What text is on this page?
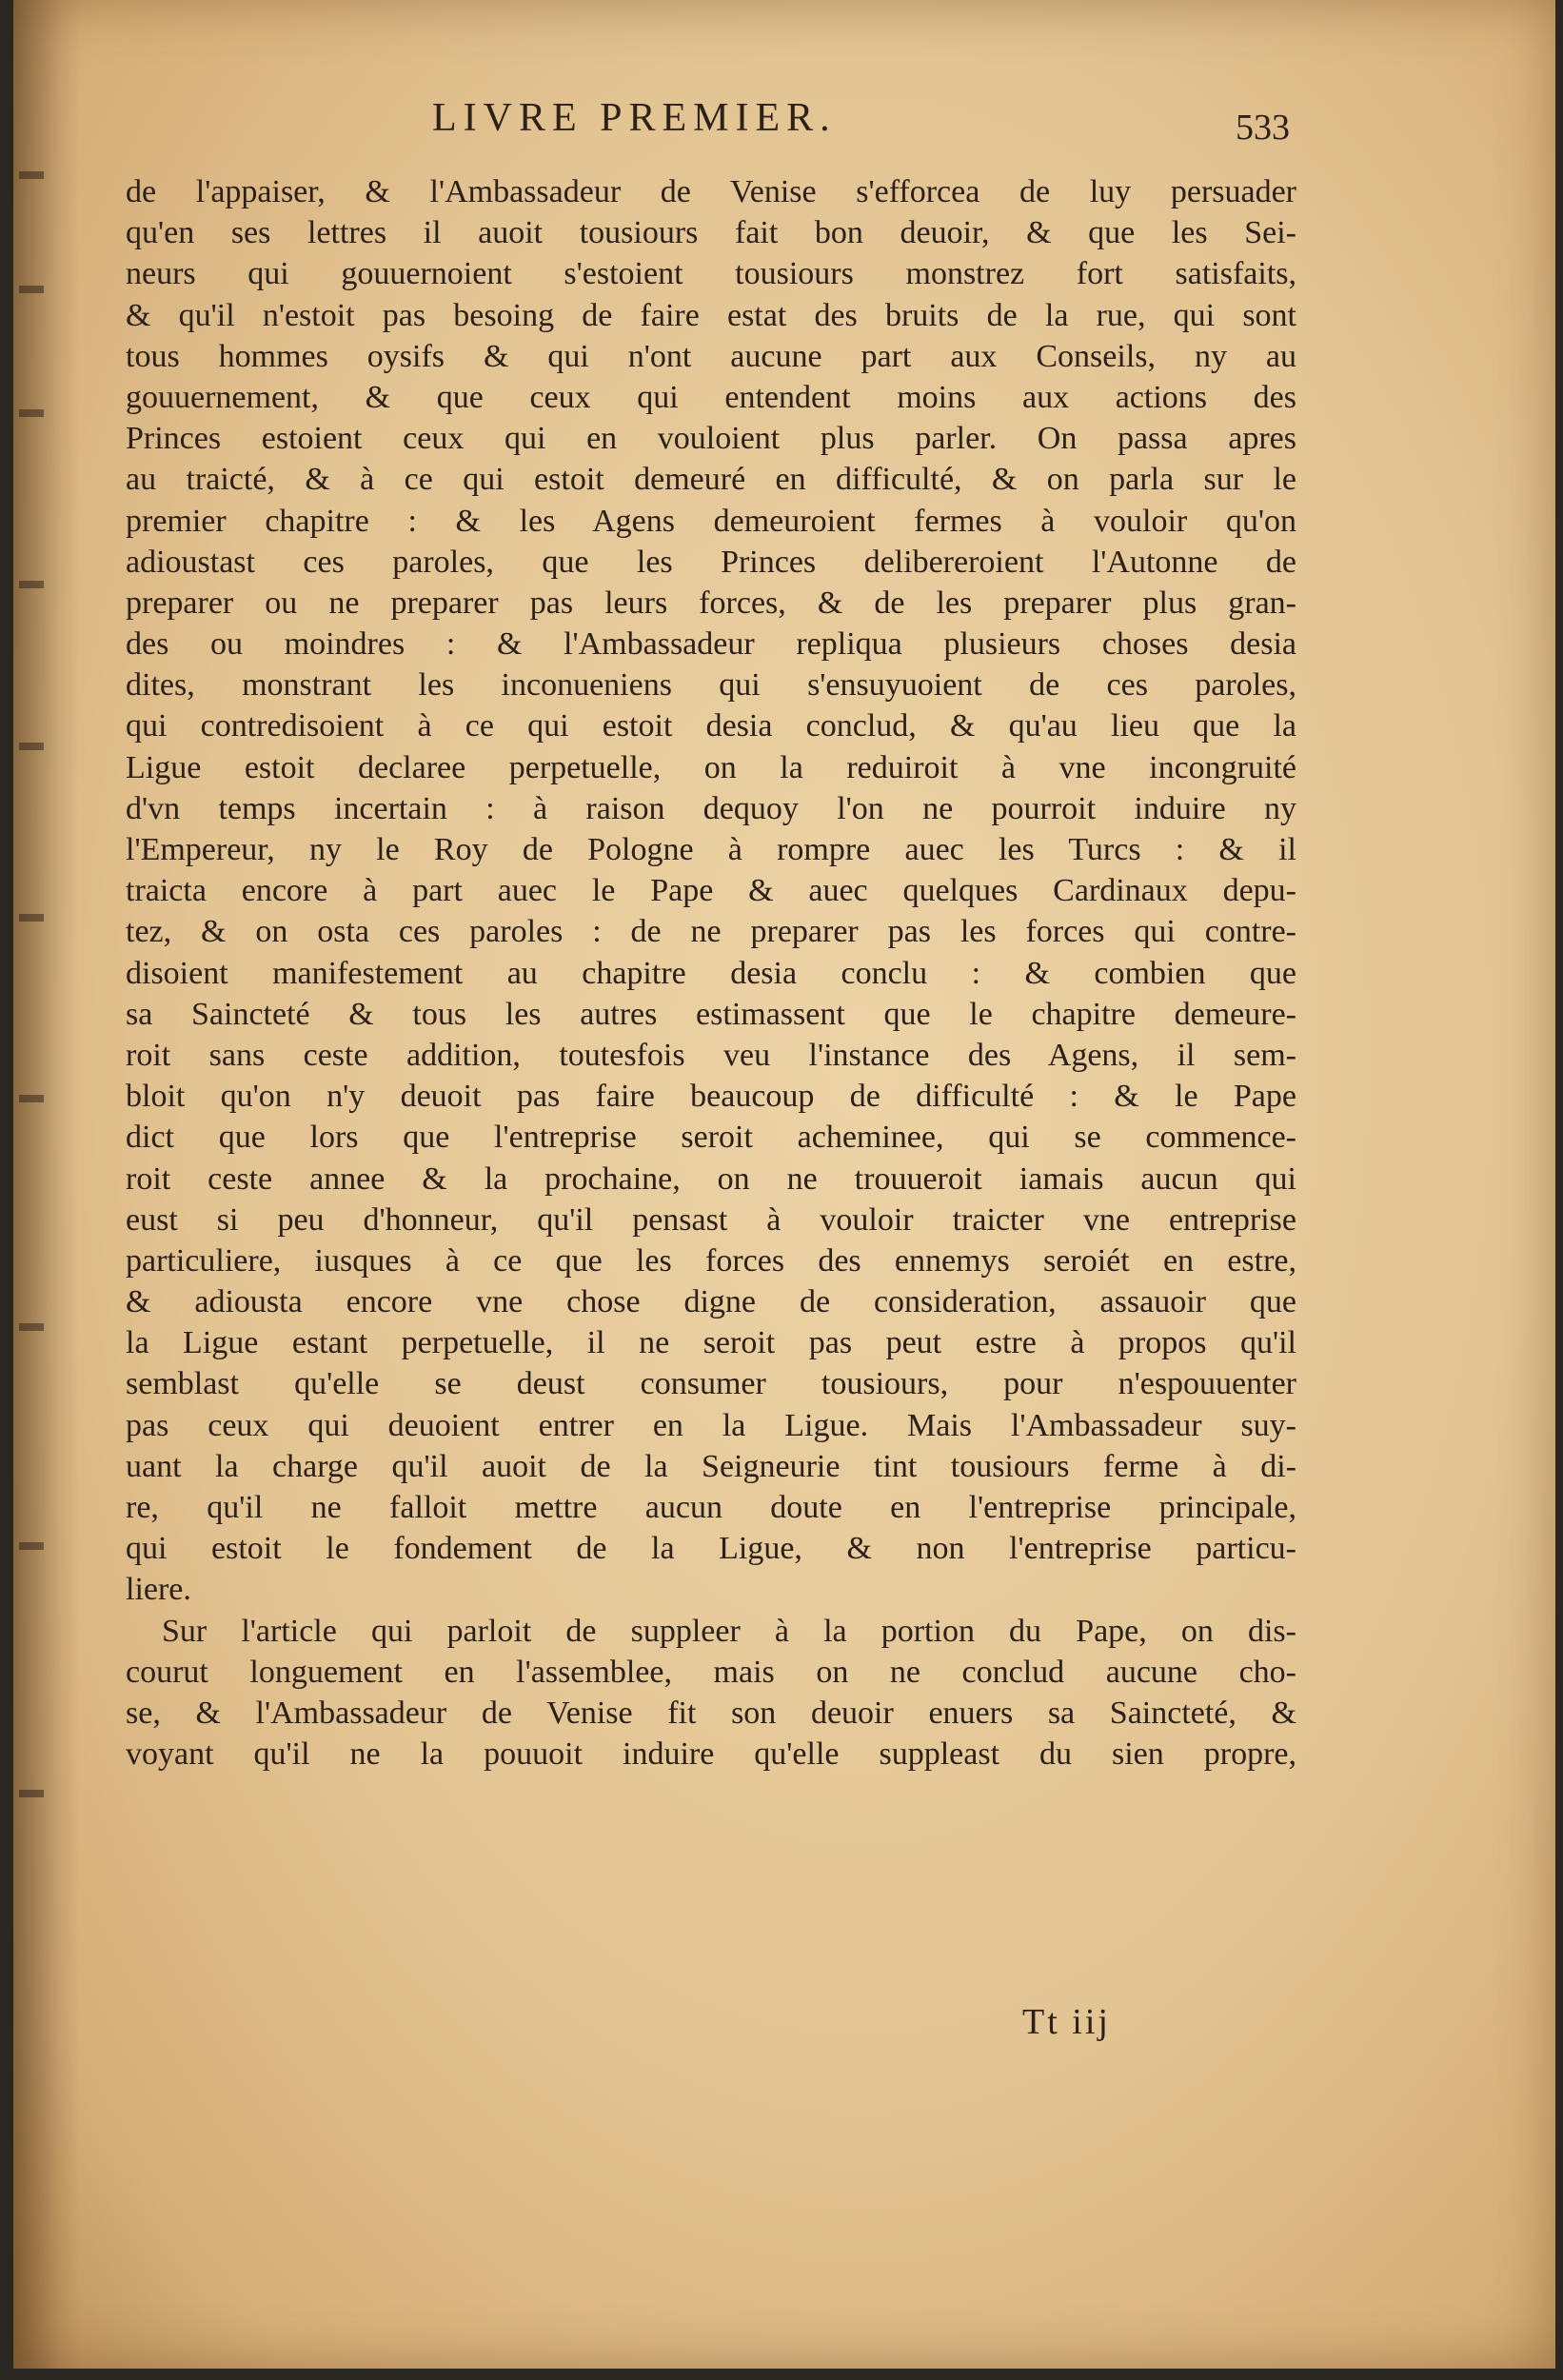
LIVRE PREMIER.	533
de l'appaiser, & l'Ambassadeur de Venise s'efforcea de luy persuader
qu'en ses lettres il auoit tousiours fait bon deuoir, & que les Sei-
neurs qui gouuernoient s'estoient tousiours monstrez fort satisfaits,
& qu'il n'estoit pas besoing de faire estat des bruits de la rue, qui sont
tous hommes oysifs & qui n'ont aucune part aux Conseils, ny au
gouuernement, & que ceux qui entendent moins aux actions des
Princes estoient ceux qui en vouloient plus parler. On passa apres
au traicté, & à ce qui estoit demeuré en difficulté, & on parla sur le
premier chapitre : & les Agens demeuroient fermes à vouloir qu'on
adioustast ces paroles, que les Princes delibereroient l'Autonne de
preparer ou ne preparer pas leurs forces, & de les preparer plus gran-
des ou moindres : & l'Ambassadeur repliqua plusieurs choses desia
dites, monstrant les inconueniens qui s'ensuyuoient de ces paroles,
qui contredisoient à ce qui estoit desia conclud, & qu'au lieu que la
Ligue estoit declaree perpetuelle, on la reduiroit à vne incongruité
d'vn temps incertain : à raison dequoy l'on ne pourroit induire ny
l'Empereur, ny le Roy de Pologne à rompre auec les Turcs : & il
traicta encore à part auec le Pape & auec quelques Cardinaux depu-
tez, & on osta ces paroles : de ne preparer pas les forces qui contre-
disoient manifestement au chapitre desia conclu : & combien que
sa Saincteté & tous les autres estimassent que le chapitre demeure-
roit sans ceste addition, toutesfois veu l'instance des Agens, il sem-
bloit qu'on n'y deuoit pas faire beaucoup de difficulté : & le Pape
dict que lors que l'entreprise seroit acheminee, qui se commence-
roit ceste annee & la prochaine, on ne trouueroit iamais aucun qui
eust si peu d'honneur, qu'il pensast à vouloir traicter vne entreprise
particuliere, iusques à ce que les forces des ennemys seroiét en estre,
& adiousta encore vne chose digne de consideration, assauoir que
la Ligue estant perpetuelle, il ne seroit pas peut estre à propos qu'il
semblast qu'elle se deust consumer tousiours, pour n'espouuenter
pas ceux qui deuoient entrer en la Ligue. Mais l'Ambassadeur suy-
uant la charge qu'il auoit de la Seigneurie tint tousiours ferme à di-
re, qu'il ne falloit mettre aucun doute en l'entreprise principale,
qui estoit le fondement de la Ligue, & non l'entreprise particu-
liere.
Sur l'article qui parloit de suppleer à la portion du Pape, on dis-
courut longuement en l'assemblee, mais on ne conclud aucune cho-
se, & l'Ambassadeur de Venise fit son deuoir enuers sa Saincteté, &
voyant qu'il ne la pouuoit induire qu'elle suppleast du sien propre,
Tt iij
